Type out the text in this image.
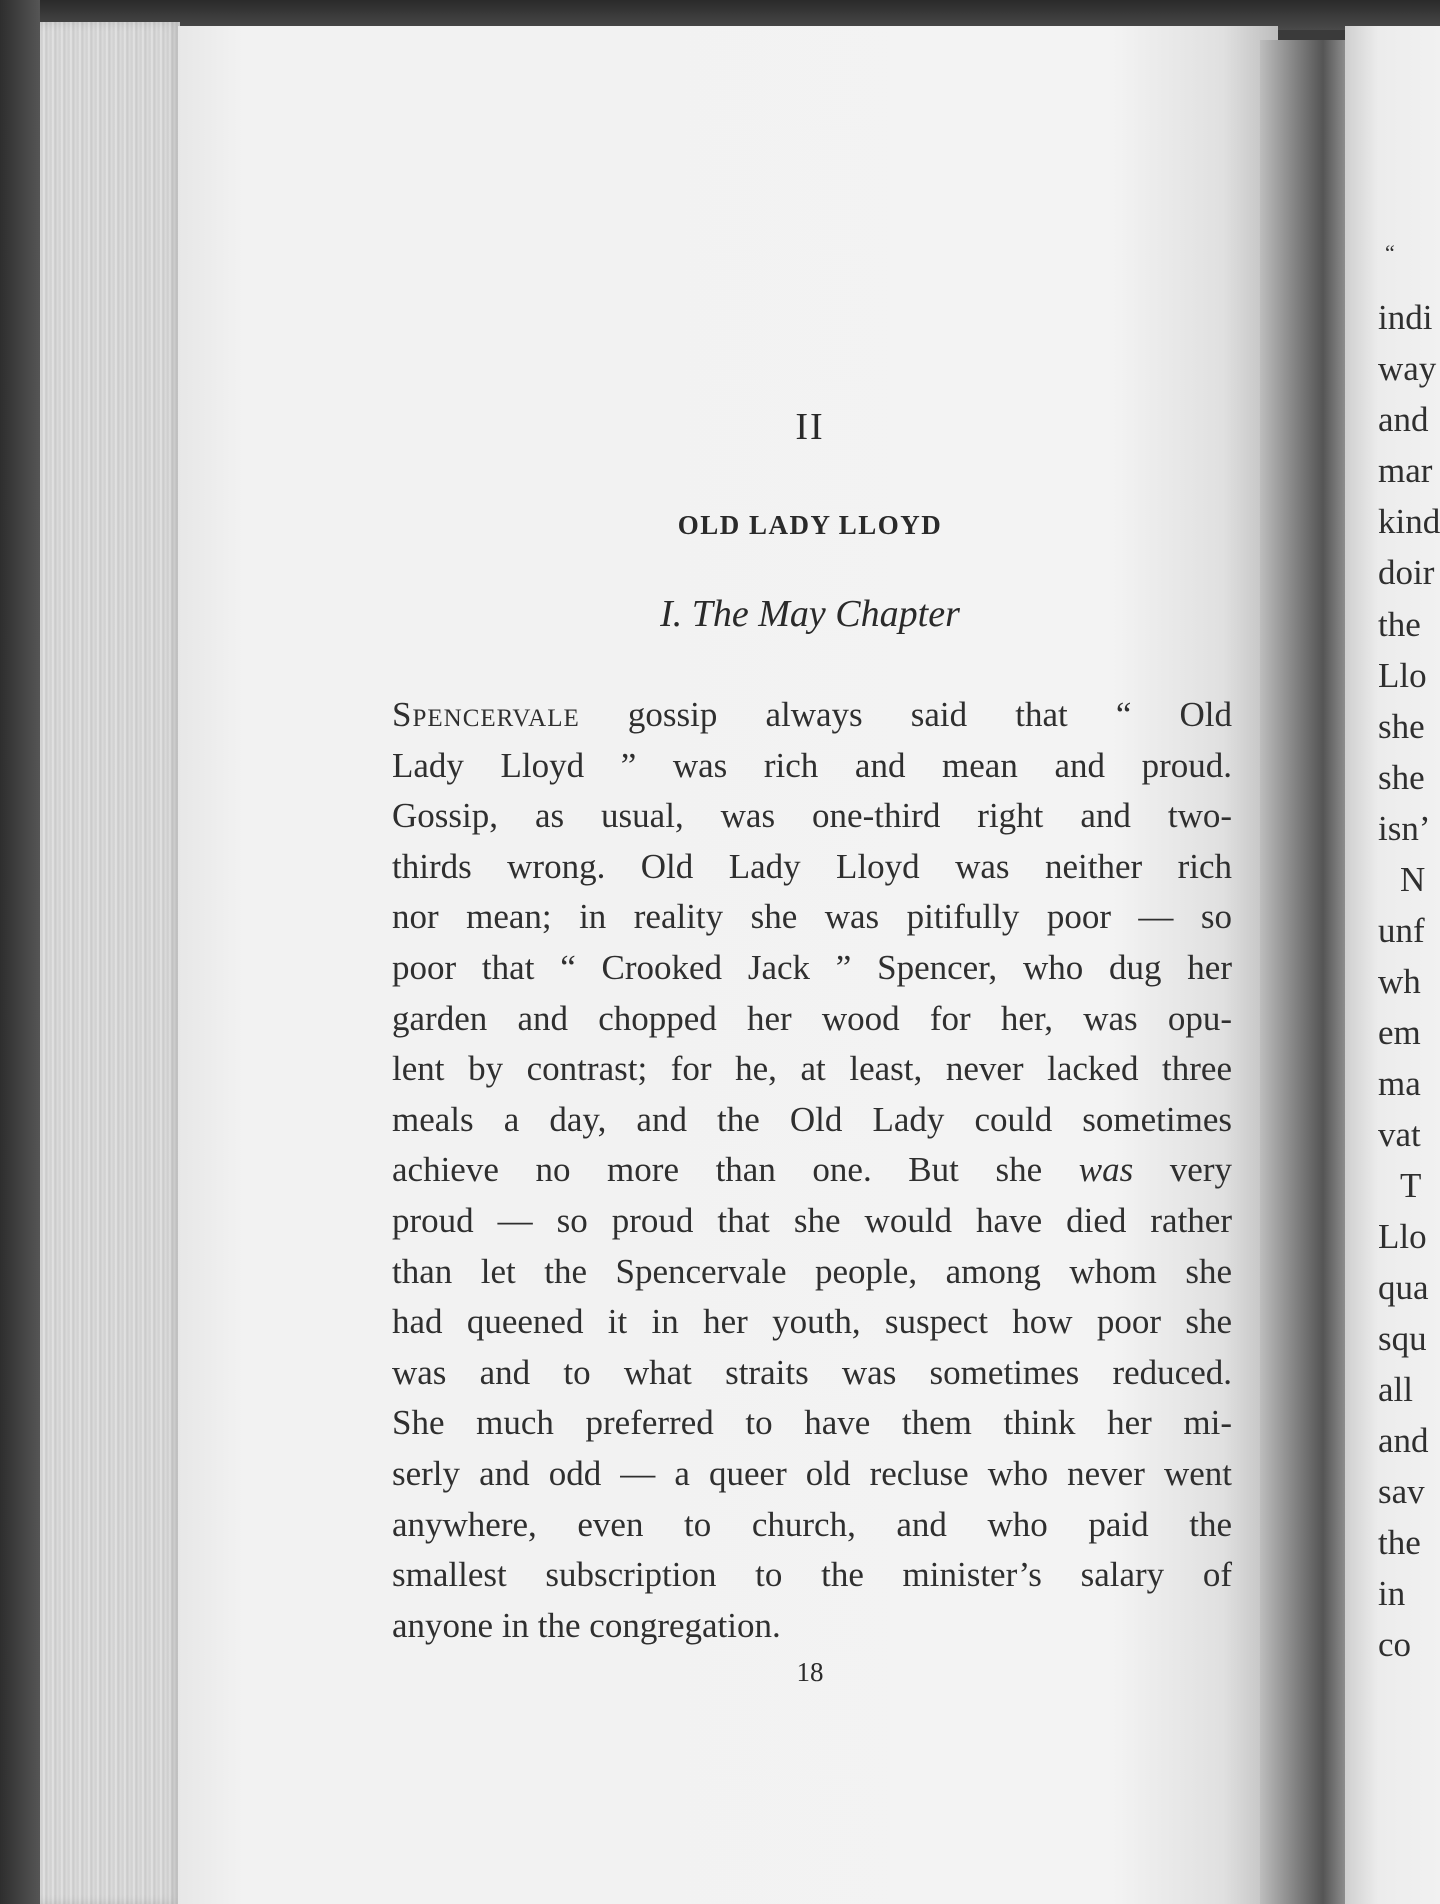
II
OLD LADY LLOYD
I. The May Chapter
Spencervale gossip always said that “ Old
Lady Lloyd ” was rich and mean and proud.
Gossip, as usual, was one-third right and two-
thirds wrong. Old Lady Lloyd was neither rich
nor mean; in reality she was pitifully poor — so
poor that “ Crooked Jack ” Spencer, who dug her
garden and chopped her wood for her, was opu-
lent by contrast; for he, at least, never lacked three
meals a day, and the Old Lady could sometimes
achieve no more than one. But she was very
proud — so proud that she would have died rather
than let the Spencervale people, among whom she
had queened it in her youth, suspect how poor she
was and to what straits was sometimes reduced.
She much preferred to have them think her mi-
serly and odd — a queer old recluse who never went
anywhere, even to church, and who paid the
smallest subscription to the minister’s salary of
anyone in the congregation.
18
“
indi
way
and
mar
kind
doir
the
Llo
she
she
isn’
N
unf
wh
em
ma
vat
T
Llo
qua
squ
all
and
sav
the
in
co
